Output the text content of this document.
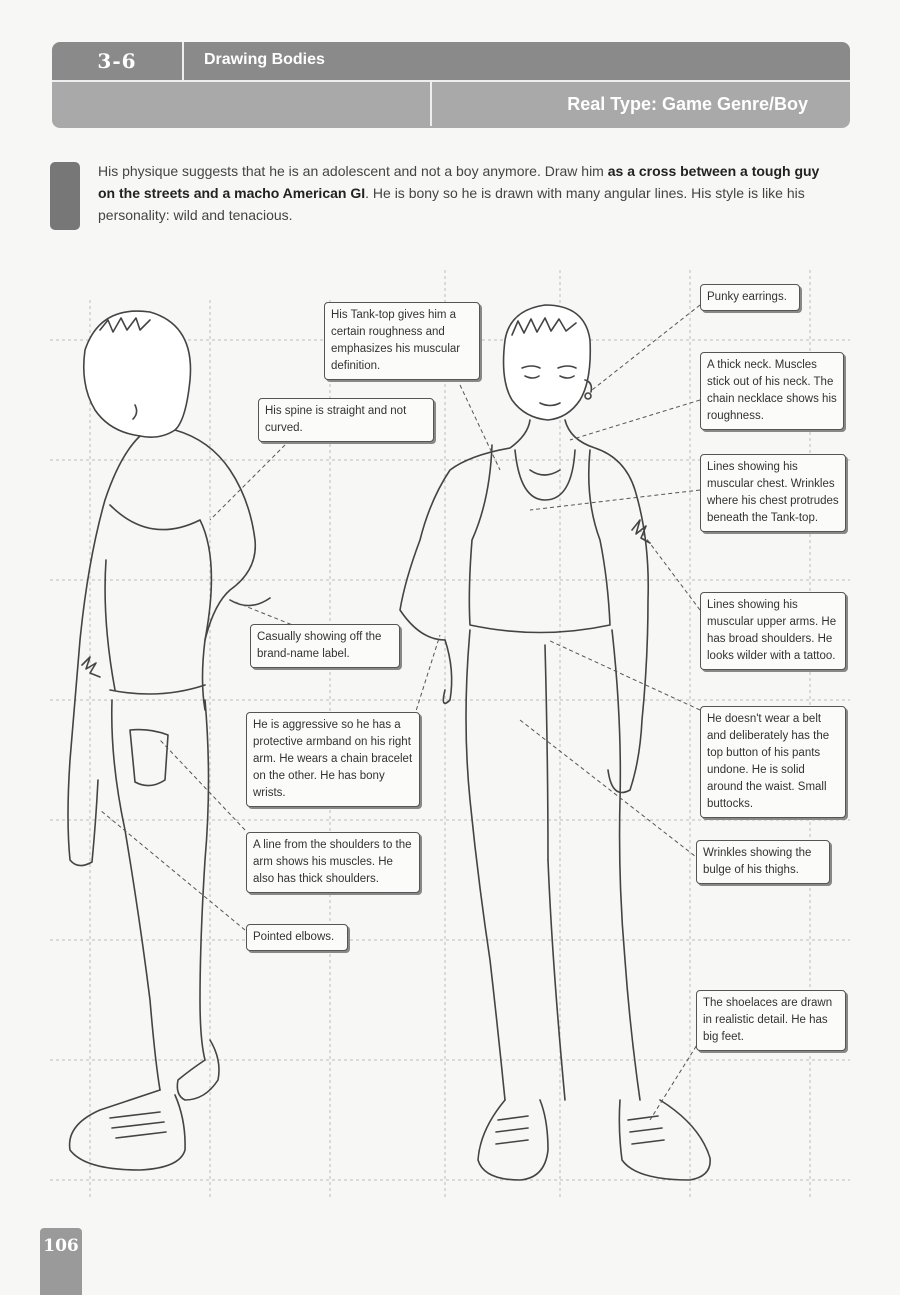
3-6	Drawing Bodies
Real Type: Game Genre/Boy

His physique suggests that he is an adolescent and not a boy anymore. Draw him as a cross between a tough guy on the streets and a macho American GI. He is bony so he is drawn with many angular lines. His style is like his personality: wild and tenacious.

His Tank-top gives him a certain roughness and emphasizes his muscular definition.
His spine is straight and not curved.
Casually showing off the brand-name label.
He is aggressive so he has a protective armband on his right arm. He wears a chain bracelet on the other. He has bony wrists.
A line from the shoulders to the arm shows his muscles. He also has thick shoulders.
Pointed elbows.
Punky earrings.
A thick neck. Muscles stick out of his neck. The chain necklace shows his roughness.
Lines showing his muscular chest. Wrinkles where his chest protrudes beneath the Tank-top.
Lines showing his muscular upper arms. He has broad shoulders. He looks wilder with a tattoo.
He doesn't wear a belt and deliberately has the top button of his pants undone. He is solid around the waist. Small buttocks.
Wrinkles showing the bulge of his thighs.
The shoelaces are drawn in realistic detail. He has big feet.
106
